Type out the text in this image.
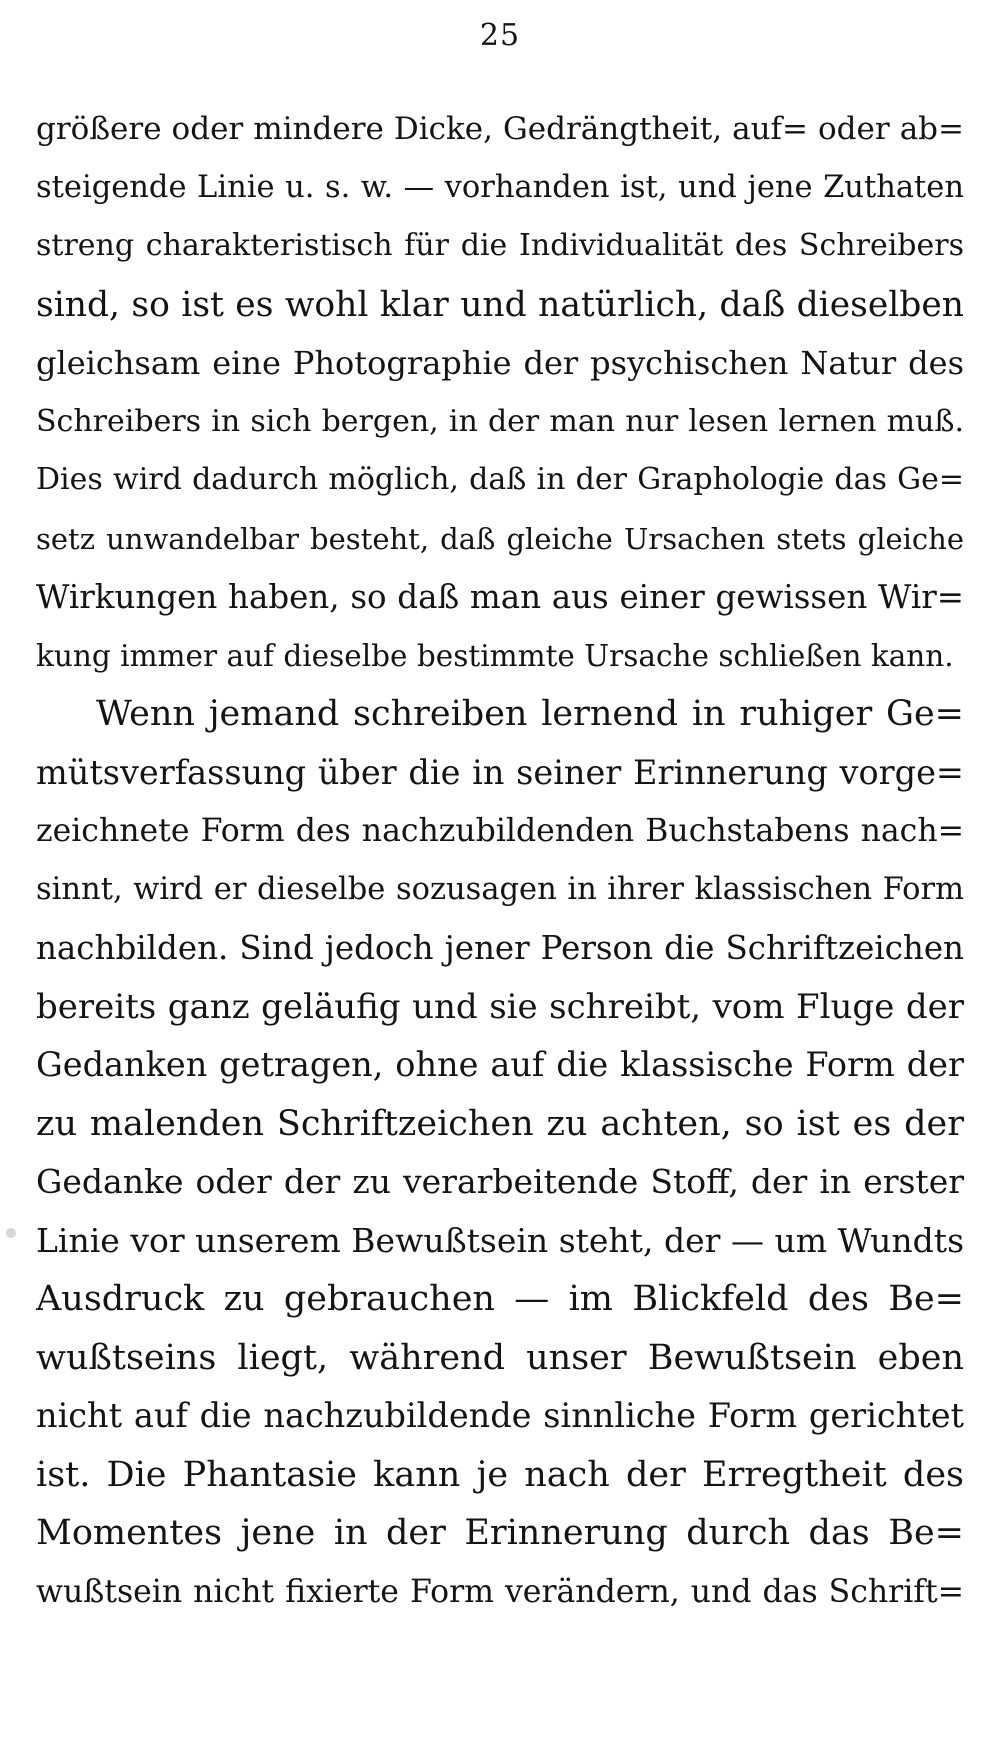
25
größere oder mindere Dicke, Gedrängtheit, auf= oder ab=
steigende Linie u. s. w. — vorhanden ist, und jene Zuthaten
streng charakteristisch für die Individualität des Schreibers
sind, so ist es wohl klar und natürlich, daß dieselben
gleichsam eine Photographie der psychischen Natur des
Schreibers in sich bergen, in der man nur lesen lernen muß.
Dies wird dadurch möglich, daß in der Graphologie das Ge=
setz unwandelbar besteht, daß gleiche Ursachen stets gleiche
Wirkungen haben, so daß man aus einer gewissen Wir=
kung immer auf dieselbe bestimmte Ursache schließen kann.
Wenn jemand schreiben lernend in ruhiger Ge=
mütsverfassung über die in seiner Erinnerung vorge=
zeichnete Form des nachzubildenden Buchstabens nach=
sinnt, wird er dieselbe sozusagen in ihrer klassischen Form
nachbilden. Sind jedoch jener Person die Schriftzeichen
bereits ganz geläufig und sie schreibt, vom Fluge der
Gedanken getragen, ohne auf die klassische Form der
zu malenden Schriftzeichen zu achten, so ist es der
Gedanke oder der zu verarbeitende Stoff, der in erster
Linie vor unserem Bewußtsein steht, der — um Wundts
Ausdruck zu gebrauchen — im Blickfeld des Be=
wußtseins liegt, während unser Bewußtsein eben
nicht auf die nachzubildende sinnliche Form gerichtet
ist. Die Phantasie kann je nach der Erregtheit des
Momentes jene in der Erinnerung durch das Be=
wußtsein nicht fixierte Form verändern, und das Schrift=
